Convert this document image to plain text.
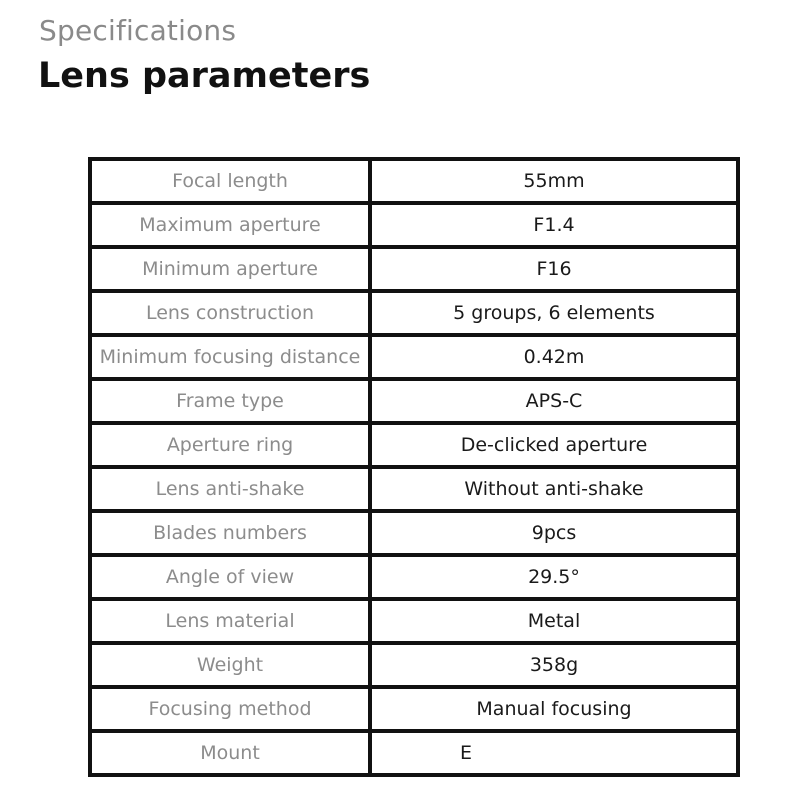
Specifications
Lens parameters
Focal length	55mm
Maximum aperture	F1.4
Minimum aperture	F16
Lens construction	5 groups, 6 elements
Minimum focusing distance	0.42m
Frame type	APS-C
Aperture ring	De-clicked aperture
Lens anti-shake	Without anti-shake
Blades numbers	9pcs
Angle of view	29.5°
Lens material	Metal
Weight	358g
Focusing method	Manual focusing
Mount	E
